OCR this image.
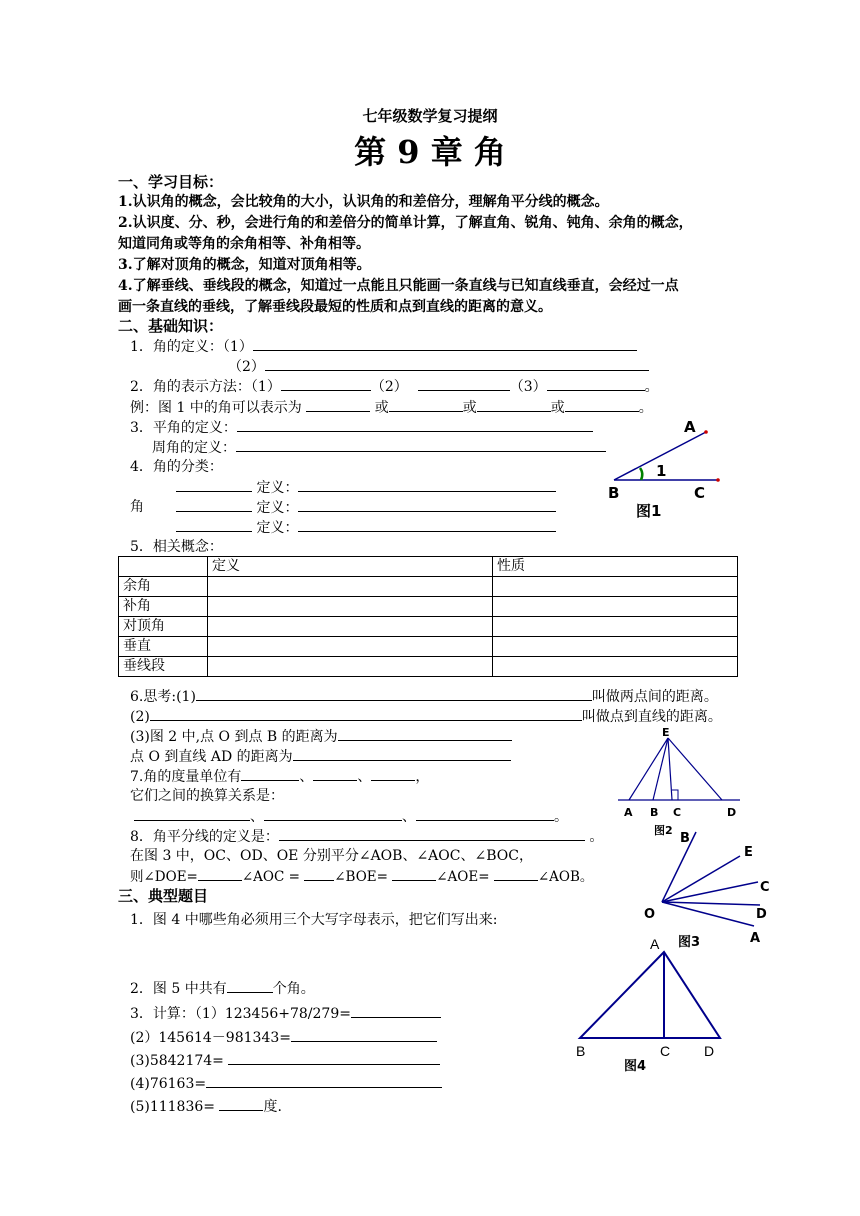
七年级数学复习提纲
第 9 章 角
一、学习目标：
1.认识角的概念，会比较角的大小，认识角的和差倍分，理解角平分线的概念。
2.认识度、分、秒，会进行角的和差倍分的简单计算，了解直角、锐角、钝角、余角的概念，
知道同角或等角的余角相等、补角相等。
3.了解对顶角的概念，知道对顶角相等。
4.了解垂线、垂线段的概念，知道过一点能且只能画一条直线与已知直线垂直，会经过一点
画一条直线的垂线，了解垂线段最短的性质和点到直线的距离的意义。
二、基础知识：
1．角的定义：（1）
（2）
2．角的表示方法：（1）	（2）	（3）	。
例：图 1 中的角可以表示为	或	或	或	。
3．平角的定义：
周角的定义：
4．角的分类：
定义：
角	定义：
定义：
5．相关概念：
	定义	性质
余角		
补角		
对顶角		
垂直		
垂线段		
6.思考:(1)	叫做两点间的距离。
(2)	叫做点到直线的距离。
(3)图 2 中,点 O 到点 B 的距离为
点 O 到直线 AD 的距离为
7.角的度量单位有	、	、	，
它们之间的换算关系是：
、	、	。
8．角平分线的定义是：	。
在图 3 中，OC、OD、OE 分别平分∠AOB、∠AOC、∠BOC，
则∠DOE=	∠AOC =	∠BOE=	∠AOE=	∠AOB。
三、典型题目
1．图 4 中哪些角必须用三个大写字母表示，把它们写出来:
2．图 5 中共有	个角。
3．计算：（1）123456+78/279=
(2）145614－981343=
(3)5842174=
(4)76163=
(5)111836=	度.
A
1
B	C
图1
E
A B C	D
图2
B
E
C
O	D
A
图3
A
B	C D
图4
